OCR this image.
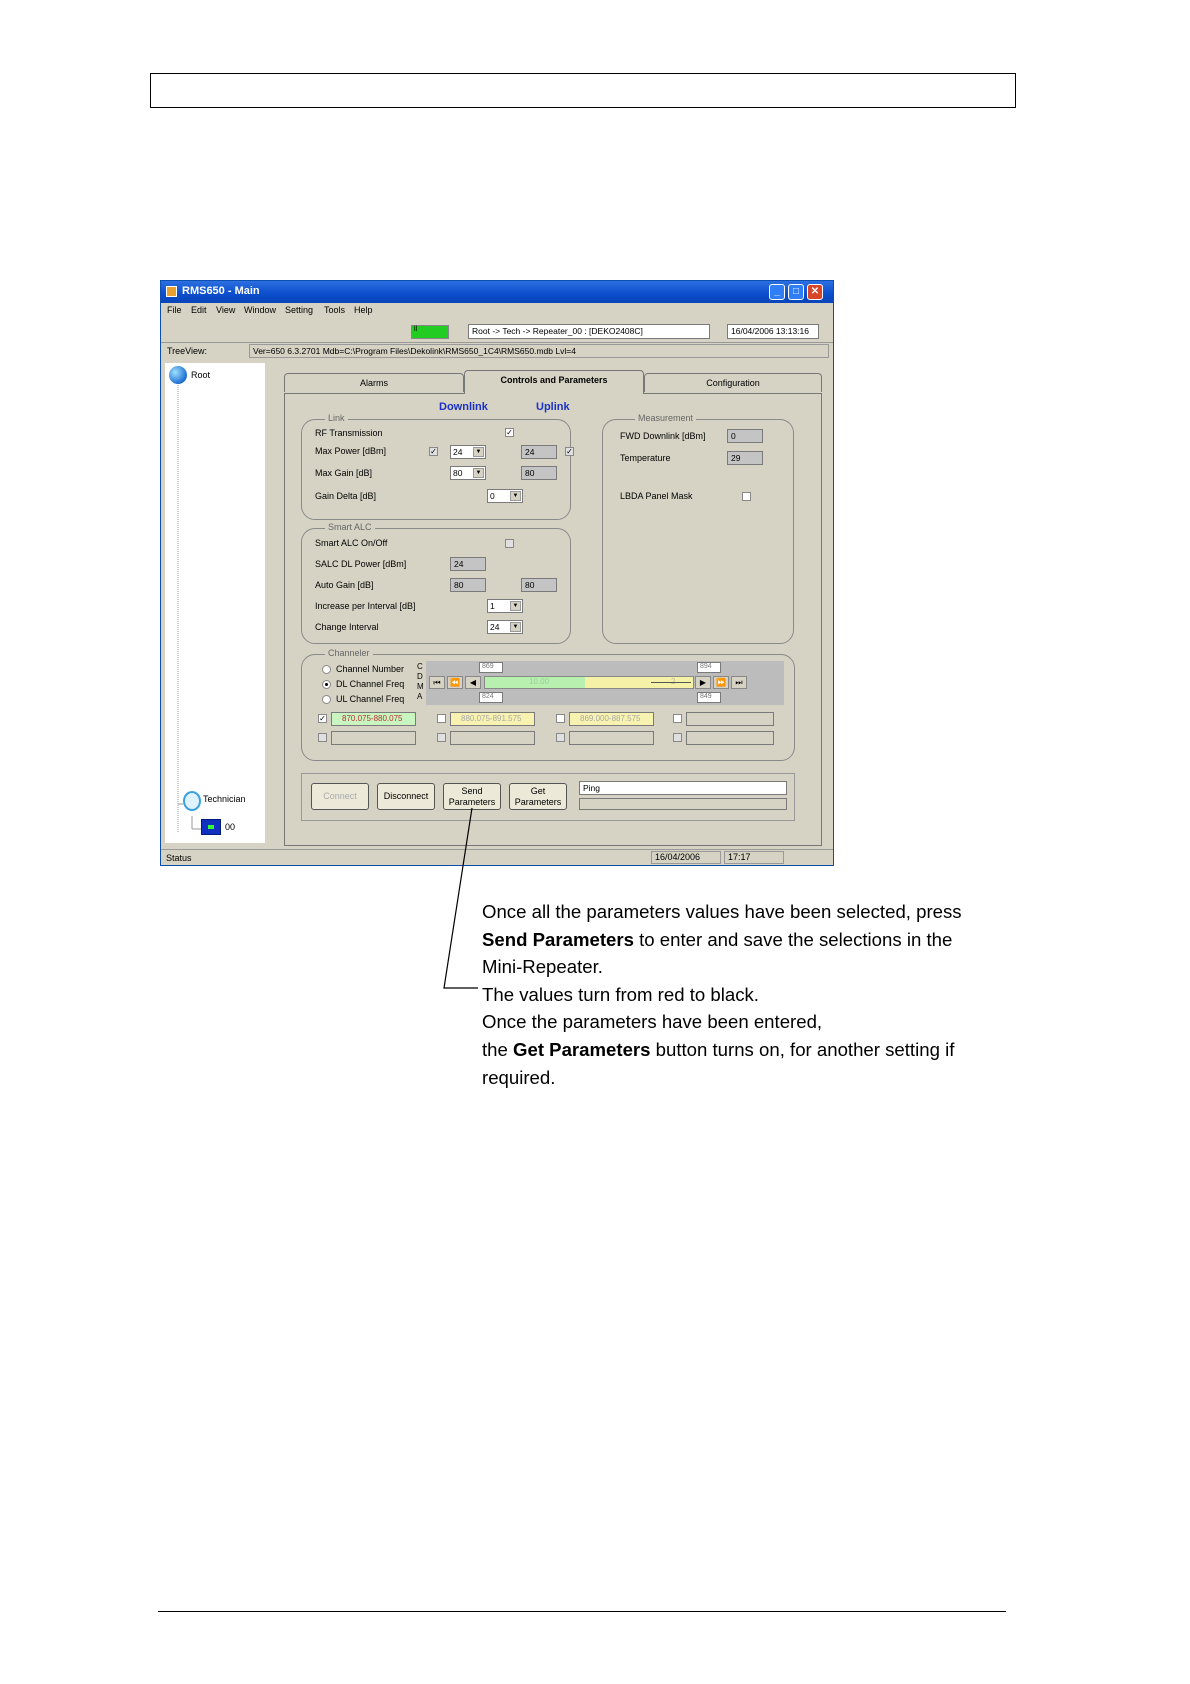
RMS650 - Main	_	□	✕
File Edit View Window Setting Tools Help
ll	Root -> Tech -> Repeater_00 : [DEKO2408C]	16/04/2006 13:13:16
TreeView:	Ver=650 6.3.2701 Mdb=C:\Program Files\Dekolink\RMS650_1C4\RMS650.mdb Lvl=4
Root
Technician
00
Alarms	Controls and Parameters	Configuration
Downlink	Uplink
Link
RF Transmission	✓
Max Power [dBm]	✓	24	▼	24	✓
Max Gain [dB]	80	▼	80
Gain Delta [dB]	0	▼
Smart ALC
Smart ALC On/Off
SALC DL Power [dBm]	24
Auto Gain [dB]	80	80
Increase per Interval [dB]	1	▼
Change Interval	24	▼
Measurement
FWD Downlink [dBm]	0
Temperature	29
LBDA Panel Mask
Channeler
Channel Number
DL Channel Freq
UL Channel Freq
C
D
M
A
869	894
824	849
⏮	⏪	◀	10.00	▶	⏩	⏭
✓	870.075-880.075	880.075-891.575	869.000-887.575
Connect	Disconnect	Send
Parameters
Get
Parameters
Ping
Status	16/04/2006	17:17

Once all the parameters values have been selected, press

Send Parameters to enter and save the selections in the

Mini-Repeater.

The values turn from red to black.

Once the parameters have been entered,

the Get Parameters button turns on, for another setting if

required.
